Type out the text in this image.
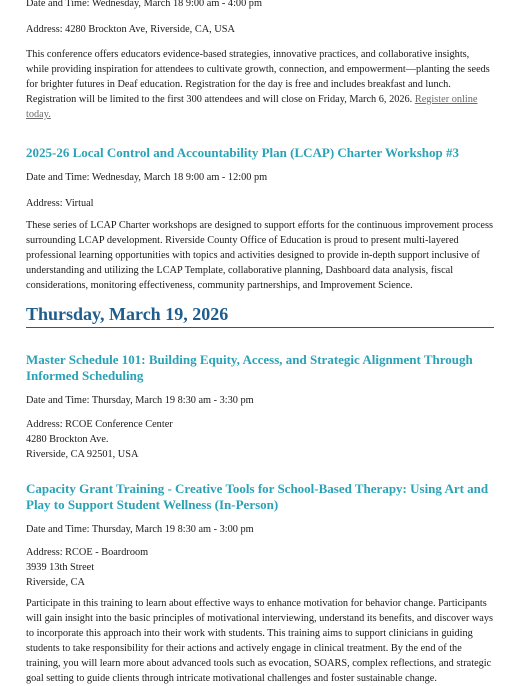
Date and Time: Wednesday, March 18 9:00 am - 4:00 pm

Address: 4280 Brockton Ave, Riverside, CA, USA

This conference offers educators evidence-based strategies, innovative practices, and collaborative insights, while providing inspiration for attendees to cultivate growth, connection, and empowerment—planting the seeds for brighter futures in Deaf education. Registration for the day is free and includes breakfast and lunch. Registration will be limited to the first 300 attendees and will close on Friday, March 6, 2026. Register online today.

2025-26 Local Control and Accountability Plan (LCAP) Charter Workshop #3

Date and Time: Wednesday, March 18 9:00 am - 12:00 pm

Address: Virtual

These series of LCAP Charter workshops are designed to support efforts for the continuous improvement process surrounding LCAP development. Riverside County Office of Education is proud to present multi-layered professional learning opportunities with topics and activities designed to provide in-depth support inclusive of understanding and utilizing the LCAP Template, collaborative planning, Dashboard data analysis, fiscal considerations, monitoring effectiveness, community partnerships, and Improvement Science.

Thursday, March 19, 2026
Master Schedule 101: Building Equity, Access, and Strategic Alignment Through Informed Scheduling

Date and Time: Thursday, March 19 8:30 am - 3:30 pm

Address: RCOE Conference Center
4280 Brockton Ave.
Riverside, CA 92501, USA

Capacity Grant Training - Creative Tools for School-Based Therapy: Using Art and Play to Support Student Wellness (In-Person)

Date and Time: Thursday, March 19 8:30 am - 3:00 pm

Address: RCOE - Boardroom
3939 13th Street
Riverside, CA

Participate in this training to learn about effective ways to enhance motivation for behavior change. Participants will gain insight into the basic principles of motivational interviewing, understand its benefits, and discover ways to incorporate this approach into their work with students. This training aims to support clinicians in guiding students to take responsibility for their actions and actively engage in clinical treatment. By the end of the training, you will learn more about advanced tools such as evocation, SOARS, complex reflections, and strategic goal setting to guide clients through intricate motivational challenges and foster sustainable change.
